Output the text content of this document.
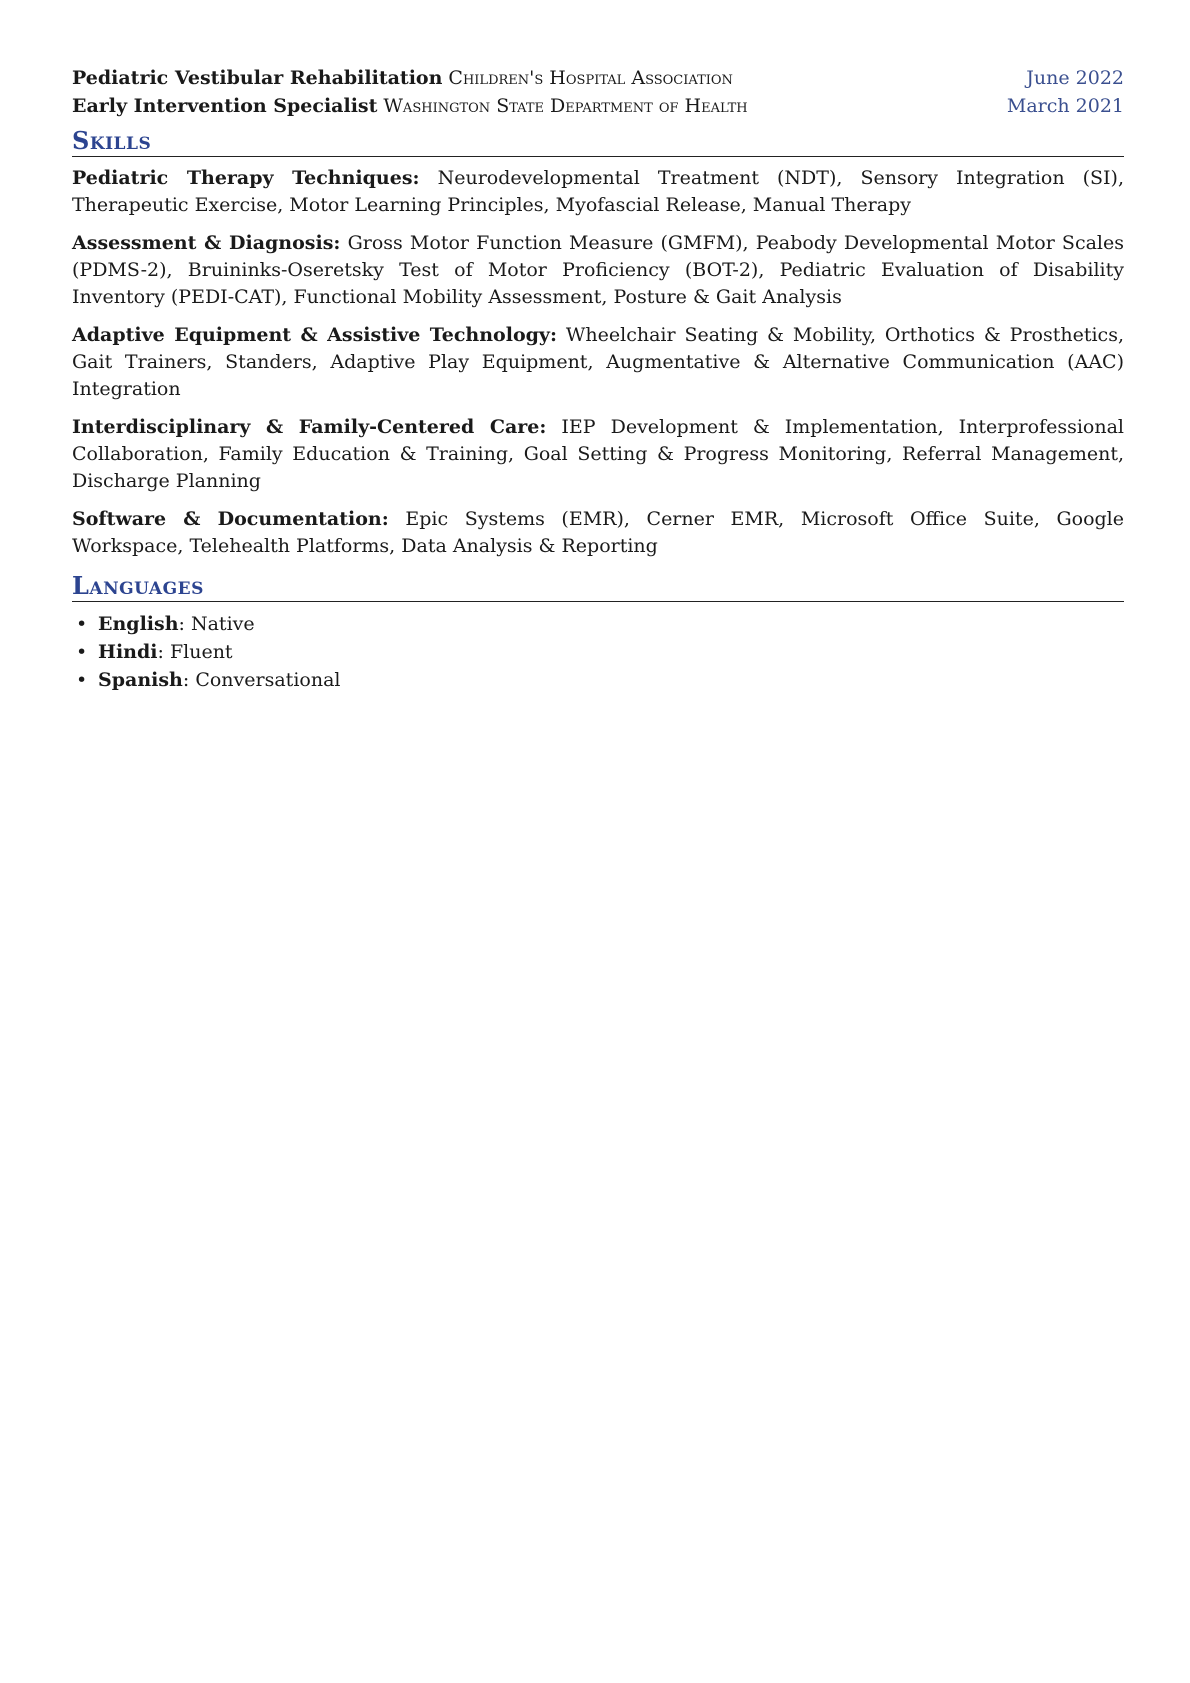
Pediatric Vestibular Rehabilitation Children's Hospital Association	June 2022
Early Intervention Specialist Washington State Department of Health	March 2021
Skills

Pediatric Therapy Techniques: Neurodevelopmental Treatment (NDT), Sensory Integration (SI), Therapeutic Exercise, Motor Learning Principles, Myofascial Release, Manual Therapy

Assessment & Diagnosis: Gross Motor Function Measure (GMFM), Peabody Developmental Motor Scales (PDMS-2), Bruininks-Oseretsky Test of Motor Proficiency (BOT-2), Pediatric Evaluation of Disability Inventory (PEDI-CAT), Functional Mobility Assessment, Posture & Gait Analysis

Adaptive Equipment & Assistive Technology: Wheelchair Seating & Mobility, Orthotics & Prosthetics, Gait Trainers, Standers, Adaptive Play Equipment, Augmentative & Alternative Communication (AAC) Integration

Interdisciplinary & Family-Centered Care: IEP Development & Implementation, Interprofessional Collaboration, Family Education & Training, Goal Setting & Progress Monitoring, Referral Management, Discharge Planning

Software & Documentation: Epic Systems (EMR), Cerner EMR, Microsoft Office Suite, Google Workspace, Telehealth Platforms, Data Analysis & Reporting

Languages
• English: Native
• Hindi: Fluent
• Spanish: Conversational
